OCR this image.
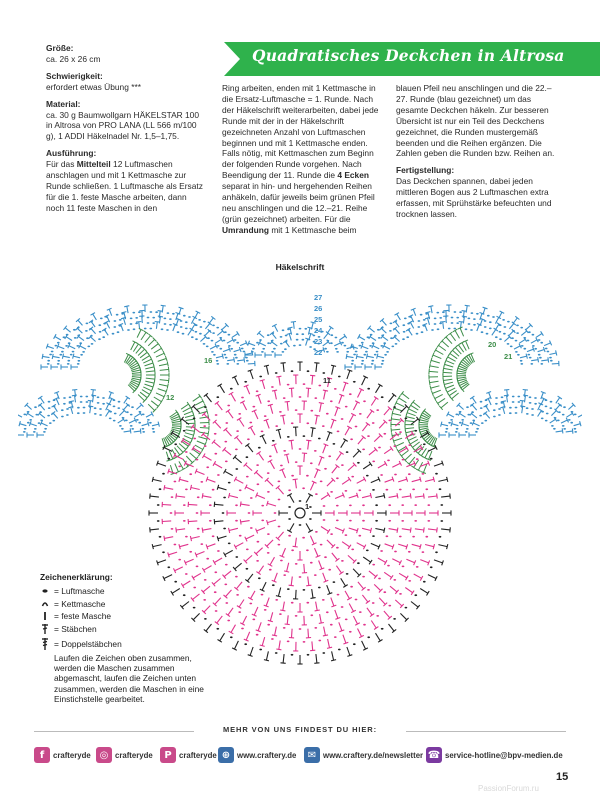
Quadratisches Deckchen in Altrosa
Größe:
ca. 26 x 26 cm
Schwierigkeit:
erfordert etwas Übung ***
Material:
ca. 30 g Baumwollgarn HÄKELSTAR 100 in Altrosa von PRO LANA (LL 566 m/100 g), 1 ADDI Häkelnadel Nr. 1,5–1,75.
Ausführung:
Für das Mittelteil 12 Luftmaschen anschlagen und mit 1 Kettmasche zur Runde schließen. 1 Luftmasche als Ersatz für die 1. feste Masche arbeiten, dann noch 11 feste Maschen in den
Ring arbeiten, enden mit 1 Kettmasche in die Ersatz-Luftmasche = 1. Runde. Nach der Häkelschrift weiterarbeiten, dabei jede Runde mit der in der Häkelschrift gezeichneten Anzahl von Luftmaschen beginnen und mit 1 Kettmasche enden. Falls nötig, mit Kettmaschen zum Beginn der folgenden Runde vorgehen. Nach Beendigung der 11. Runde die 4 Ecken separat in hin- und hergehenden Reihen anhäkeln, dafür jeweils beim grünen Pfeil neu anschlingen und die 12.–21. Reihe (grün gezeichnet) arbeiten. Für die Umrandung mit 1 Kettmasche beim
blauen Pfeil neu anschlingen und die 22.–27. Runde (blau gezeichnet) um das gesamte Deckchen häkeln. Zur besseren Übersicht ist nur ein Teil des Deckchens gezeichnet, die Runden mustergemäß beenden und die Reihen ergänzen. Die Zahlen geben die Runden bzw. Reihen an.
Fertigstellung:
Das Deckchen spannen, dabei jeden mittleren Bogen aus 2 Luftmaschen extra erfassen, mit Sprühstärke befeuchten und trocknen lassen.
Häkelschrift
22
23
24
25
26
27
12
16
20
21
1
11
Zeichenerklärung:
= Luftmasche
= Kettmasche
= feste Masche
= Stäbchen
= Doppelstäbchen
Laufen die Zeichen oben zusammen, werden die Maschen zusammen abgemascht, laufen die Zeichen unten zusammen, werden die Maschen in eine Einstichstelle gearbeitet.
MEHR VON UNS FINDEST DU HIER:
f	crafteryde ◎ crafteryde	P crafteryde ⊕ www.craftery.de	✉ www.craftery.de/newsletter ☎ service-hotline@bpv-medien.de
15
PassionForum.ru
